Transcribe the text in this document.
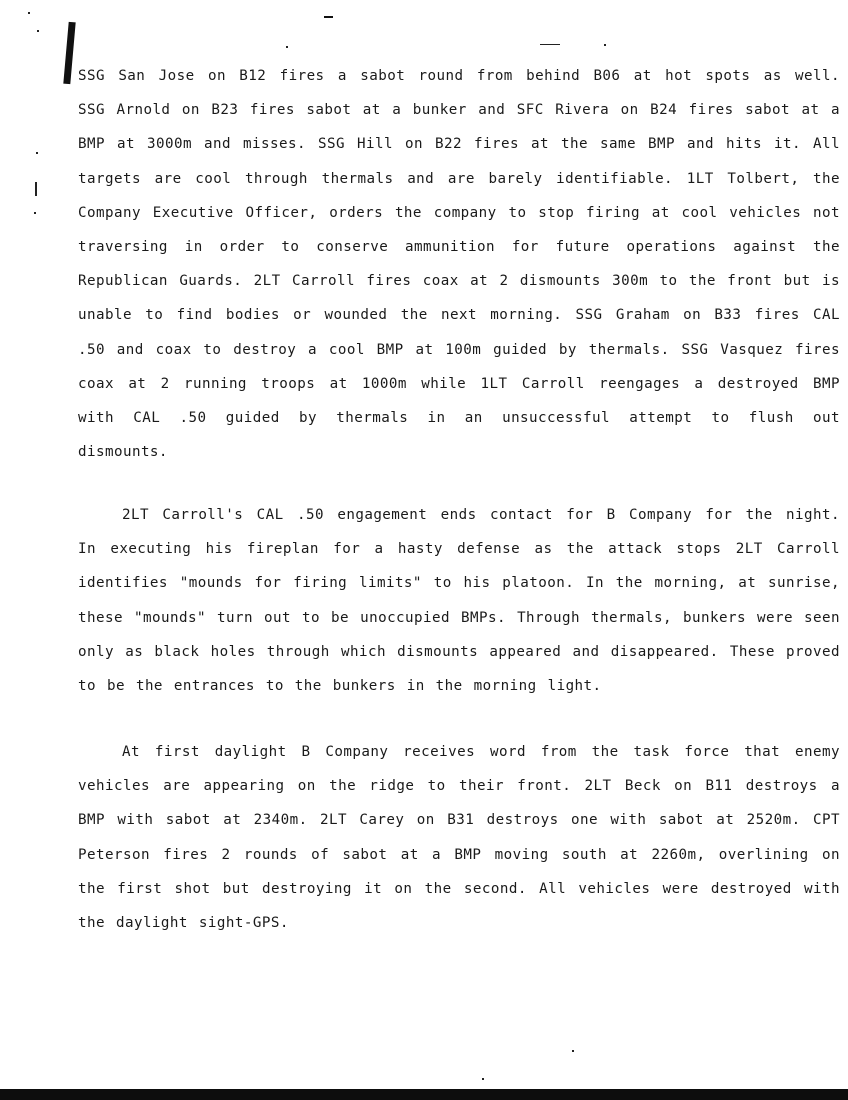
SSG San Jose on B12 fires a sabot round from behind B06 at hot spots as well. SSG Arnold on B23 fires sabot at a bunker and SFC Rivera on B24 fires sabot at a BMP at 3000m and misses. SSG Hill on B22 fires at the same BMP and hits it. All targets are cool through thermals and are barely identifiable. 1LT Tolbert, the Company Executive Officer, orders the company to stop firing at cool vehicles not traversing in order to conserve ammunition for future operations against the Republican Guards. 2LT Carroll fires coax at 2 dismounts 300m to the front but is unable to find bodies or wounded the next morning. SSG Graham on B33 fires CAL .50 and coax to destroy a cool BMP at 100m guided by thermals. SSG Vasquez fires coax at 2 running troops at 1000m while 1LT Carroll reengages a destroyed BMP with CAL .50 guided by thermals in an unsuccessful attempt to flush out dismounts.

2LT Carroll's CAL .50 engagement ends contact for B Company for the night. In executing his fireplan for a hasty defense as the attack stops 2LT Carroll identifies "mounds for firing limits" to his platoon. In the morning, at sunrise, these "mounds" turn out to be unoccupied BMPs. Through thermals, bunkers were seen only as black holes through which dismounts appeared and disappeared. These proved to be the entrances to the bunkers in the morning light.

At first daylight B Company receives word from the task force that enemy vehicles are appearing on the ridge to their front. 2LT Beck on B11 destroys a BMP with sabot at 2340m. 2LT Carey on B31 destroys one with sabot at 2520m. CPT Peterson fires 2 rounds of sabot at a BMP moving south at 2260m, overlining on the first shot but destroying it on the second. All vehicles were destroyed with the daylight sight-GPS.
